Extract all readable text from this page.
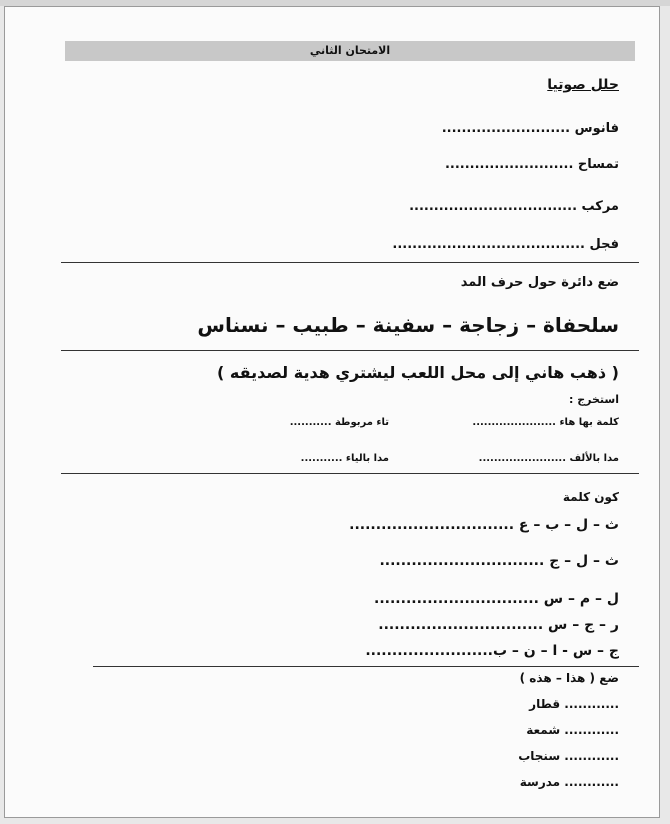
الامتحان الثاني
حلل صوتيا
فانوس ..........................
تمساح ..........................
مركب ..................................
فجل .......................................
ضع دائرة حول حرف المد
سلحفاة – زجاجة – سفينة – طبيب – نسناس
( ذهب هاني إلى محل اللعب ليشتري هدية لصديقه )
استخرج :
كلمة بها هاء ......................
تاء مربوطة ...........
مدا بالألف .......................
مدا بالياء ...........
كون كلمة
ث – ل – ب – ع ...............................
ث – ل – ج ...............................
ل – م – س ...............................
ر – ج – س ...............................
ج – س - ا – ن – ب........................
ضع ( هذا – هذه )
............ قطار
............ شمعة
............ سنجاب
............ مدرسة
